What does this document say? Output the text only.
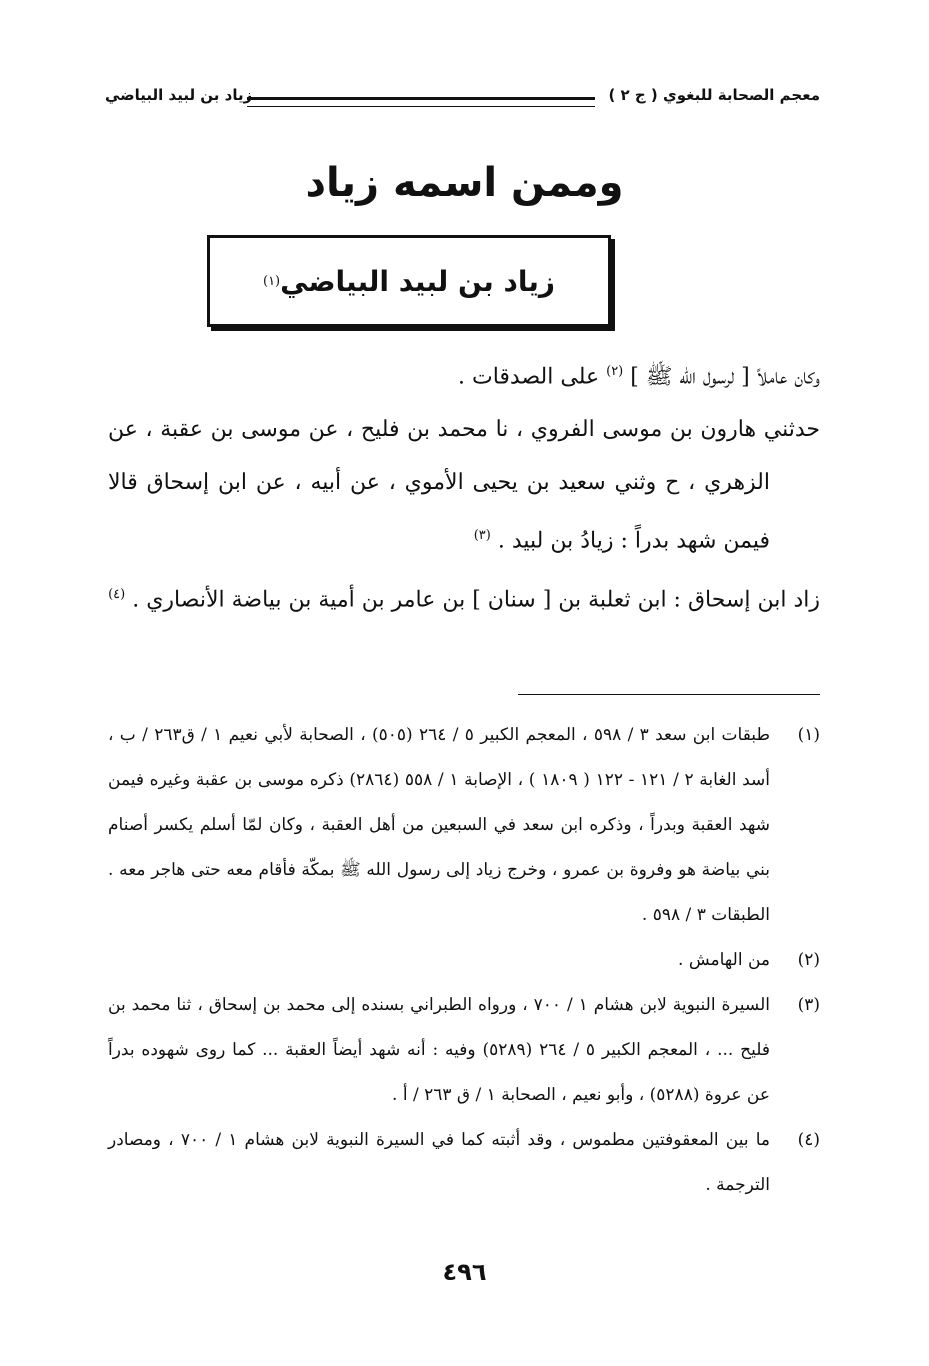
معجم الصحابة للبغوي ( ج ٢ )
زياد بن لبيد البياضي
وممن اسمه زياد
زياد بن لبيد البياضي
(١)

وكان عاملاً [ لرسول الله ﷺ ] $^{(٢)}$ على الصدقات .

حدثني هارون بن موسى الفروي ، نا محمد بن فليح ، عن موسى بن عقبة ، عن الزهري ، ح وثني سعيد بن يحيى الأموي ، عن أبيه ، عن ابن إسحاق قالا فيمن شهد بدراً : زيادُ بن لبيد . $^{(٣)}$

زاد ابن إسحاق : ابن ثعلبة بن [ سنان ] بن عامر بن أمية بن بياضة الأنصاري . $^{(٤)}$

(١)
طبقات ابن سعد ٣ / ٥٩٨ ، المعجم الكبير ٥ / ٢٦٤ (٥٠٥) ، الصحابة لأبي نعيم ١ / ق٢٦٣ / ب ، أسد الغابة ٢ / ١٢١ - ١٢٢ ( ١٨٠٩ ) ، الإصابة ١ / ٥٥٨ (٢٨٦٤) ذكره موسى بن عقبة وغيره فيمن شهد العقبة وبدراً ، وذكره ابن سعد في السبعين من أهل العقبة ، وكان لمّا أسلم يكسر أصنام بني بياضة هو وفروة بن عمرو ، وخرج زياد إلى رسول الله ﷺ بمكّة فأقام معه حتى هاجر معه . الطبقات ٣ / ٥٩٨ .
(٢)
من الهامش .
(٣)
السيرة النبوية لابن هشام ١ / ٧٠٠ ، ورواه الطبراني بسنده إلى محمد بن إسحاق ، ثنا محمد بن فليح ... ، المعجم الكبير ٥ / ٢٦٤ (٥٢٨٩) وفيه : أنه شهد أيضاً العقبة ... كما روى شهوده بدراً عن عروة (٥٢٨٨) ، وأبو نعيم ، الصحابة ١ / ق ٢٦٣ / أ .
(٤)
ما بين المعقوفتين مطموس ، وقد أثبته كما في السيرة النبوية لابن هشام ١ / ٧٠٠ ، ومصادر الترجمة .
٤٩٦
